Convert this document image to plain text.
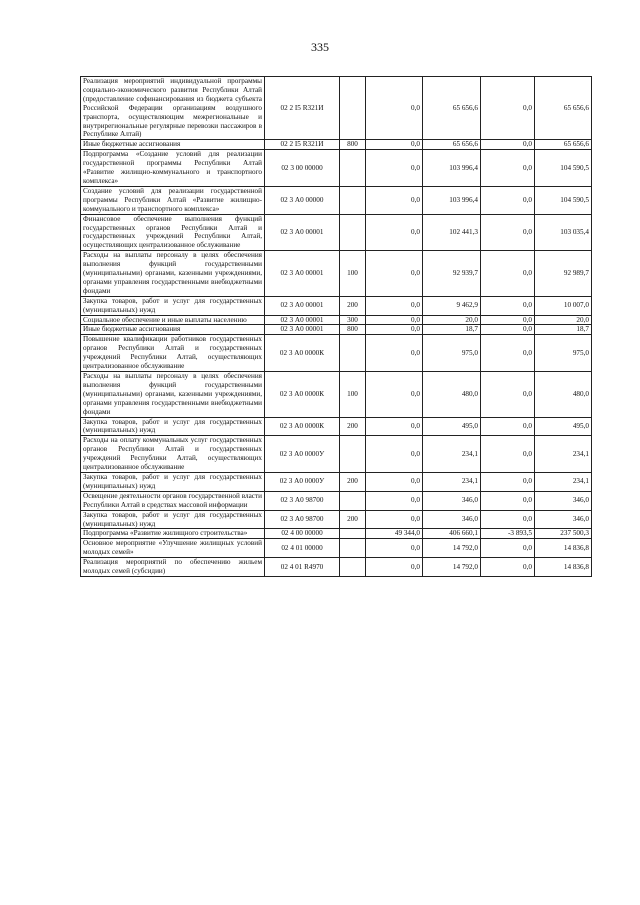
335
Реализация мероприятий индивидуальной программы социально-экономического развития Республики Алтай (предоставление софинансирования из бюджета субъекта Российской Федерации организациям воздушного транспорта, осуществляющим межрегиональные и внутрирегиональные регулярные перевозки пассажиров в Республике Алтай)	02 2 I5 R321И		0,0	65 656,6	0,0	65 656,6
Иные бюджетные ассигнования	02 2 I5 R321И	800	0,0	65 656,6	0,0	65 656,6
Подпрограмма «Создание условий для реализации государственной программы Республики Алтай «Развитие жилищно-коммунального и транспортного комплекса»	02 3 00 00000		0,0	103 996,4	0,0	104 590,5
Создание условий для реализации государственной программы Республики Алтай «Развитие жилищно-коммунального и транспортного комплекса»	02 3 А0 00000		0,0	103 996,4	0,0	104 590,5
Финансовое обеспечение выполнения функций государственных органов Республики Алтай и государственных учреждений Республики Алтай, осуществляющих централизованное обслуживание	02 3 А0 00001		0,0	102 441,3	0,0	103 035,4
Расходы на выплаты персоналу в целях обеспечения выполнения функций государственными (муниципальными) органами, казенными учреждениями, органами управления государственными внебюджетными фондами	02 3 А0 00001	100	0,0	92 939,7	0,0	92 989,7
Закупка товаров, работ и услуг для государственных (муниципальных) нужд	02 3 А0 00001	200	0,0	9 462,9	0,0	10 007,0
Социальное обеспечение и иные выплаты населению	02 3 А0 00001	300	0,0	20,0	0,0	20,0
Иные бюджетные ассигнования	02 3 А0 00001	800	0,0	18,7	0,0	18,7
Повышение квалификации работников государственных органов Республики Алтай и государственных учреждений Республики Алтай, осуществляющих централизованное обслуживание	02 3 А0 0000К		0,0	975,0	0,0	975,0
Расходы на выплаты персоналу в целях обеспечения выполнения функций государственными (муниципальными) органами, казенными учреждениями, органами управления государственными внебюджетными фондами	02 3 А0 0000К	100	0,0	480,0	0,0	480,0
Закупка товаров, работ и услуг для государственных (муниципальных) нужд	02 3 А0 0000К	200	0,0	495,0	0,0	495,0
Расходы на оплату коммунальных услуг государственных органов Республики Алтай и государственных учреждений Республики Алтай, осуществляющих централизованное обслуживание	02 3 А0 0000У		0,0	234,1	0,0	234,1
Закупка товаров, работ и услуг для государственных (муниципальных) нужд	02 3 А0 0000У	200	0,0	234,1	0,0	234,1
Освещение деятельности органов государственной власти Республики Алтай в средствах массовой информации	02 3 А0 98700		0,0	346,0	0,0	346,0
Закупка товаров, работ и услуг для государственных (муниципальных) нужд	02 3 А0 98700	200	0,0	346,0	0,0	346,0
Подпрограмма «Развитие жилищного строительства»	02 4 00 00000		49 344,0	406 660,1	-3 893,5	237 500,3
Основное мероприятие «Улучшение жилищных условий молодых семей»	02 4 01 00000		0,0	14 792,0	0,0	14 836,8
Реализация мероприятий по обеспечению жильем молодых семей (субсидии)	02 4 01 R4970		0,0	14 792,0	0,0	14 836,8
